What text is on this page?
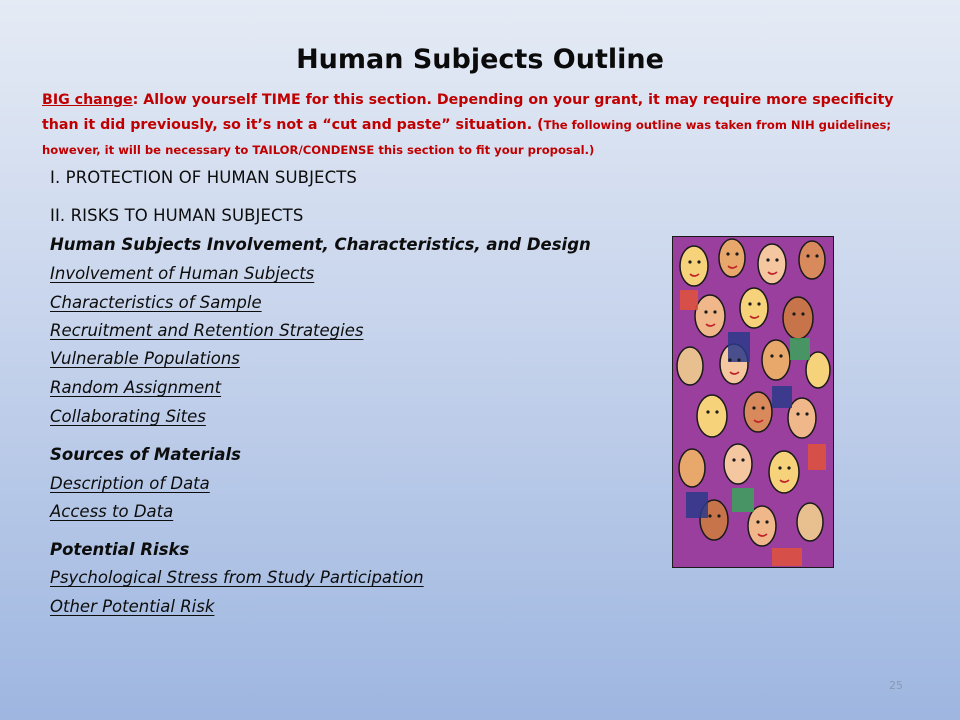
Human Subjects Outline
BIG change: Allow yourself TIME for this section. Depending on your grant, it may require more specificity than it did previously, so it’s not a “cut and paste” situation. (The following outline was taken from NIH guidelines; however, it will be necessary to TAILOR/CONDENSE this section to fit your proposal.)
I. PROTECTION OF HUMAN SUBJECTS
II. RISKS TO HUMAN SUBJECTS
Human Subjects Involvement, Characteristics, and Design
Involvement of Human Subjects
Characteristics of Sample
Recruitment and Retention Strategies
Vulnerable Populations
Random Assignment
Collaborating Sites
Sources of Materials
Description of Data
Access to Data
Potential Risks
Psychological Stress from Study Participation
Other Potential Risk
25
